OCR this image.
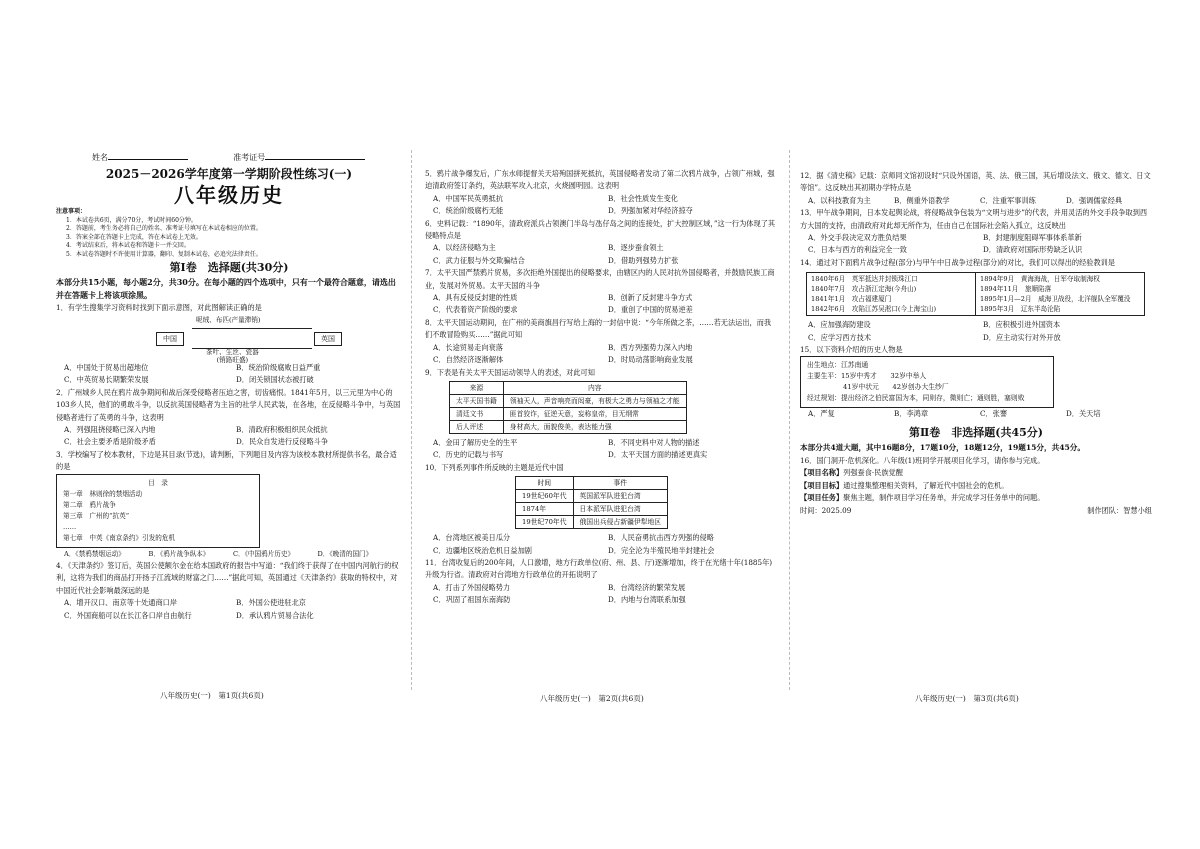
姓名	准考证号
2025－2026学年度第一学期阶段性练习(一)
八年级历史
注意事项：
1．本试卷共6页，满分70分，考试时间60分钟。
2．答题前，考生务必将自己的姓名、准考证号填写在本试卷相应的位置。
3．答案全部在答题卡上完成，答在本试卷上无效。
4．考试结束后，将本试卷和答题卡一并交回。
5．本试卷答题时不许使用计算器，翻印、复制本试卷，必追究法律责任。
第Ⅰ卷　选择题(共30分)
本部分共15小题，每小题2分，共30分。在每小题的四个选项中，只有一个最符合题意，请选出并在答题卡上将该项涂黑。
1．有学生搜集学习资料时找到下面示意图，对此图解读正确的是
呢绒、布匹(产量滞销)
中国	英国
茶叶、生丝、瓷器
(销路旺盛)
A．中国处于贸易出超地位	B．统治阶级腐败日益严重
C．中英贸易长期繁荣发展	D．闭关锁国状态被打破
2．广州城乡人民在鸦片战争期间和战后深受侵略者压迫之害，切齿痛恨。1841年5月，以三元里为中心的103乡人民，他们的勇敢斗争，以反抗英国侵略者为主旨的社学人民武装，在各地，在反侵略斗争中，与英国侵略者进行了英勇的斗争，这表明
A．列强阻挠侵略已深入内地	B．清政府积极组织民众抵抗
C．社会主要矛盾是阶级矛盾	D．民众自发进行反侵略斗争
3．学校编写了校本教材，下边是其目录(节选)，请判断，下列题目及内容为该校本教材所提供书名，最合适的是
目　录
第一章　林则徐的禁烟活动
第二章　鸦片战争
第三章　广州的“抗英”
……
第七章　中英《南京条约》引发的危机
A．《禁鸦禁烟运动》	B．《鸦片战争纵本》	C．《中国鸦片历史》	D．《晚清的国门》
4．《天津条约》签订后，英国公使额尔金在给本国政府的报告中写道：“我们终于获得了在中国内河航行的权利，这将为我们的商品打开扬子江流域的财富之门……”据此可知，英国通过《天津条约》获取的特权中，对中国近代社会影响最深远的是
A．增开汉口、南京等十处通商口岸	B．外国公使进驻北京
C．外国商船可以在长江各口岸自由航行	D．承认鸦片贸易合法化
八年级历史(一)　第1页(共6页)
5．鸦片战争爆发后，广东水师提督关天培殉国拼死抵抗，英国侵略者发动了第二次鸦片战争，占领广州城，强迫清政府签订条约，英法联军攻入北京，火烧圆明园。这表明
A．中国军民英勇抵抗	B．社会性质发生变化
C．统治阶级腐朽无能	D．列强加紧对华经济掠夺
6．史料记载：“1890年，清政府派兵占领澳门半岛与氹仔岛之间的连接处，扩大控制区域，”这一行为体现了其侵略特点是
A．以经济侵略为主	B．逐步蚕食领土
C．武力征服与外交欺骗结合	D．借助列强势力扩张
7．太平天国严禁鸦片贸易，多次拒绝外国提出的侵略要求，由辖区内的人民对抗外国侵略者，并鼓励民族工商业，发展对外贸易。太平天国的斗争
A．具有反侵反封建的性质	B．创新了反封建斗争方式
C．代表着资产阶级的要求	D．重创了中国的贸易逆差
8．太平天国运动期间，在广州的美商旗昌行写给上海的一封信中说：“今年所做之茶，……若无法运出，而我们不敢冒险购买……”据此可知
A．长途贸易走向衰落	B．西方列强势力深入内地
C．自然经济逐渐解体	D．时局动荡影响商业发展
9．下表是有关太平天国运动领导人的表述，对此可知
来源	内容
太平天国书籍	领袖天人，声音响亮而闳豪，有极大之勇力与领袖之才能
清廷文书	匪首狡诈，征逆天意，妄称皇帝，目无纲常
后人评述	身材高大，面貌俊美，表达能力强
A．金田了解历史全的生平	B．不同史料中对人物的描述
C．历史的记载与书写	D．太平天国方面的描述更真实
10．下列系列事件所反映的主题是近代中国
时间	事件
19世纪60年代	英国派军队进犯台湾
1874年	日本派军队进犯台湾
19世纪70年代	俄国出兵侵占新疆伊犁地区
A．台湾地区被美日瓜分	B．人民奋勇抗击西方列强的侵略
C．边疆地区统治危机日益加剧	D．完全沦为半殖民地半封建社会
11．台湾收复后的200年间，人口激增，地方行政单位(府、州、县、厅)逐渐增加，终于在光绪十年(1885年)升级为行省。清政府对台湾地方行政单位的开拓说明了
A．打击了外国侵略势力	B．台湾经济的繁荣发展
C．巩固了祖国东南海防	D．内地与台湾联系加强
八年级历史(一)　第2页(共6页)
12．据《清史稿》记载：京师同文馆初设时“只设外国语，英、法、俄三国，其后增设法文、俄文、德文、日文等馆”。这反映出其初期办学特点是
A．以科技教育为主	B．侧重外语教学	C．注重军事训练	D．强调儒家经典
13．甲午战争期间，日本发起舆论战，将侵略战争包装为“文明与进步”的代表，并用灵活的外交手段争取到西方大国的支持，由清政府对此却无所作为，任由自己在国际社会陷入孤立，这反映出
A．外交手段决定双方胜负结果	B．封建制度阻碍军事体系革新
C．日本与西方的利益完全一致	D．清政府对国际形势缺乏认识
14．通过对下面鸦片战争过程(部分)与甲午中日战争过程(部分)的对比，我们可以得出的经验教训是
1840年6月　英军抵达并封锁珠江口
1840年7月　攻占浙江定海(今舟山)
1841年1月　攻占福建厦门
1842年6月　攻陷江苏吴淞口(今上海宝山)

1894年9月　黄海海战，日军夺取制海权
1894年11月　旅顺陷落
1895年1月—2月　威海卫战役，北洋舰队全军覆没
1895年3月　辽东半岛沦陷
A．应加强海防建设	B．应积极引进外国资本
C．应学习西方技术	D．应主动实行对外开放
15．以下资料介绍的历史人物是
出生地点：江苏南通
主要生平：15岁中秀才　　32岁中举人
41岁中状元　　42岁创办大生纱厂
经过规划：提出经济之伯民富国为本，同则存，微则亡；通则胜，塞则败
A．严复	B．李鸿章	C．张謇	D．关天培
第Ⅱ卷　非选择题(共45分)
本部分共4道大题，其中16题8分，17题10分，18题12分，19题15分，共45分。
16．国门洞开·危机深化。八年级(1)班同学开展项目化学习，请你参与完成。
【项目名称】列强蚕食·民族觉醒
【项目目标】通过搜集整理相关资料，了解近代中国社会的危机。
【项目任务】聚焦主题，制作项目学习任务单，并完成学习任务单中的问题。
时间：2025.09	制作团队：智慧小组
八年级历史(一)　第3页(共6页)
